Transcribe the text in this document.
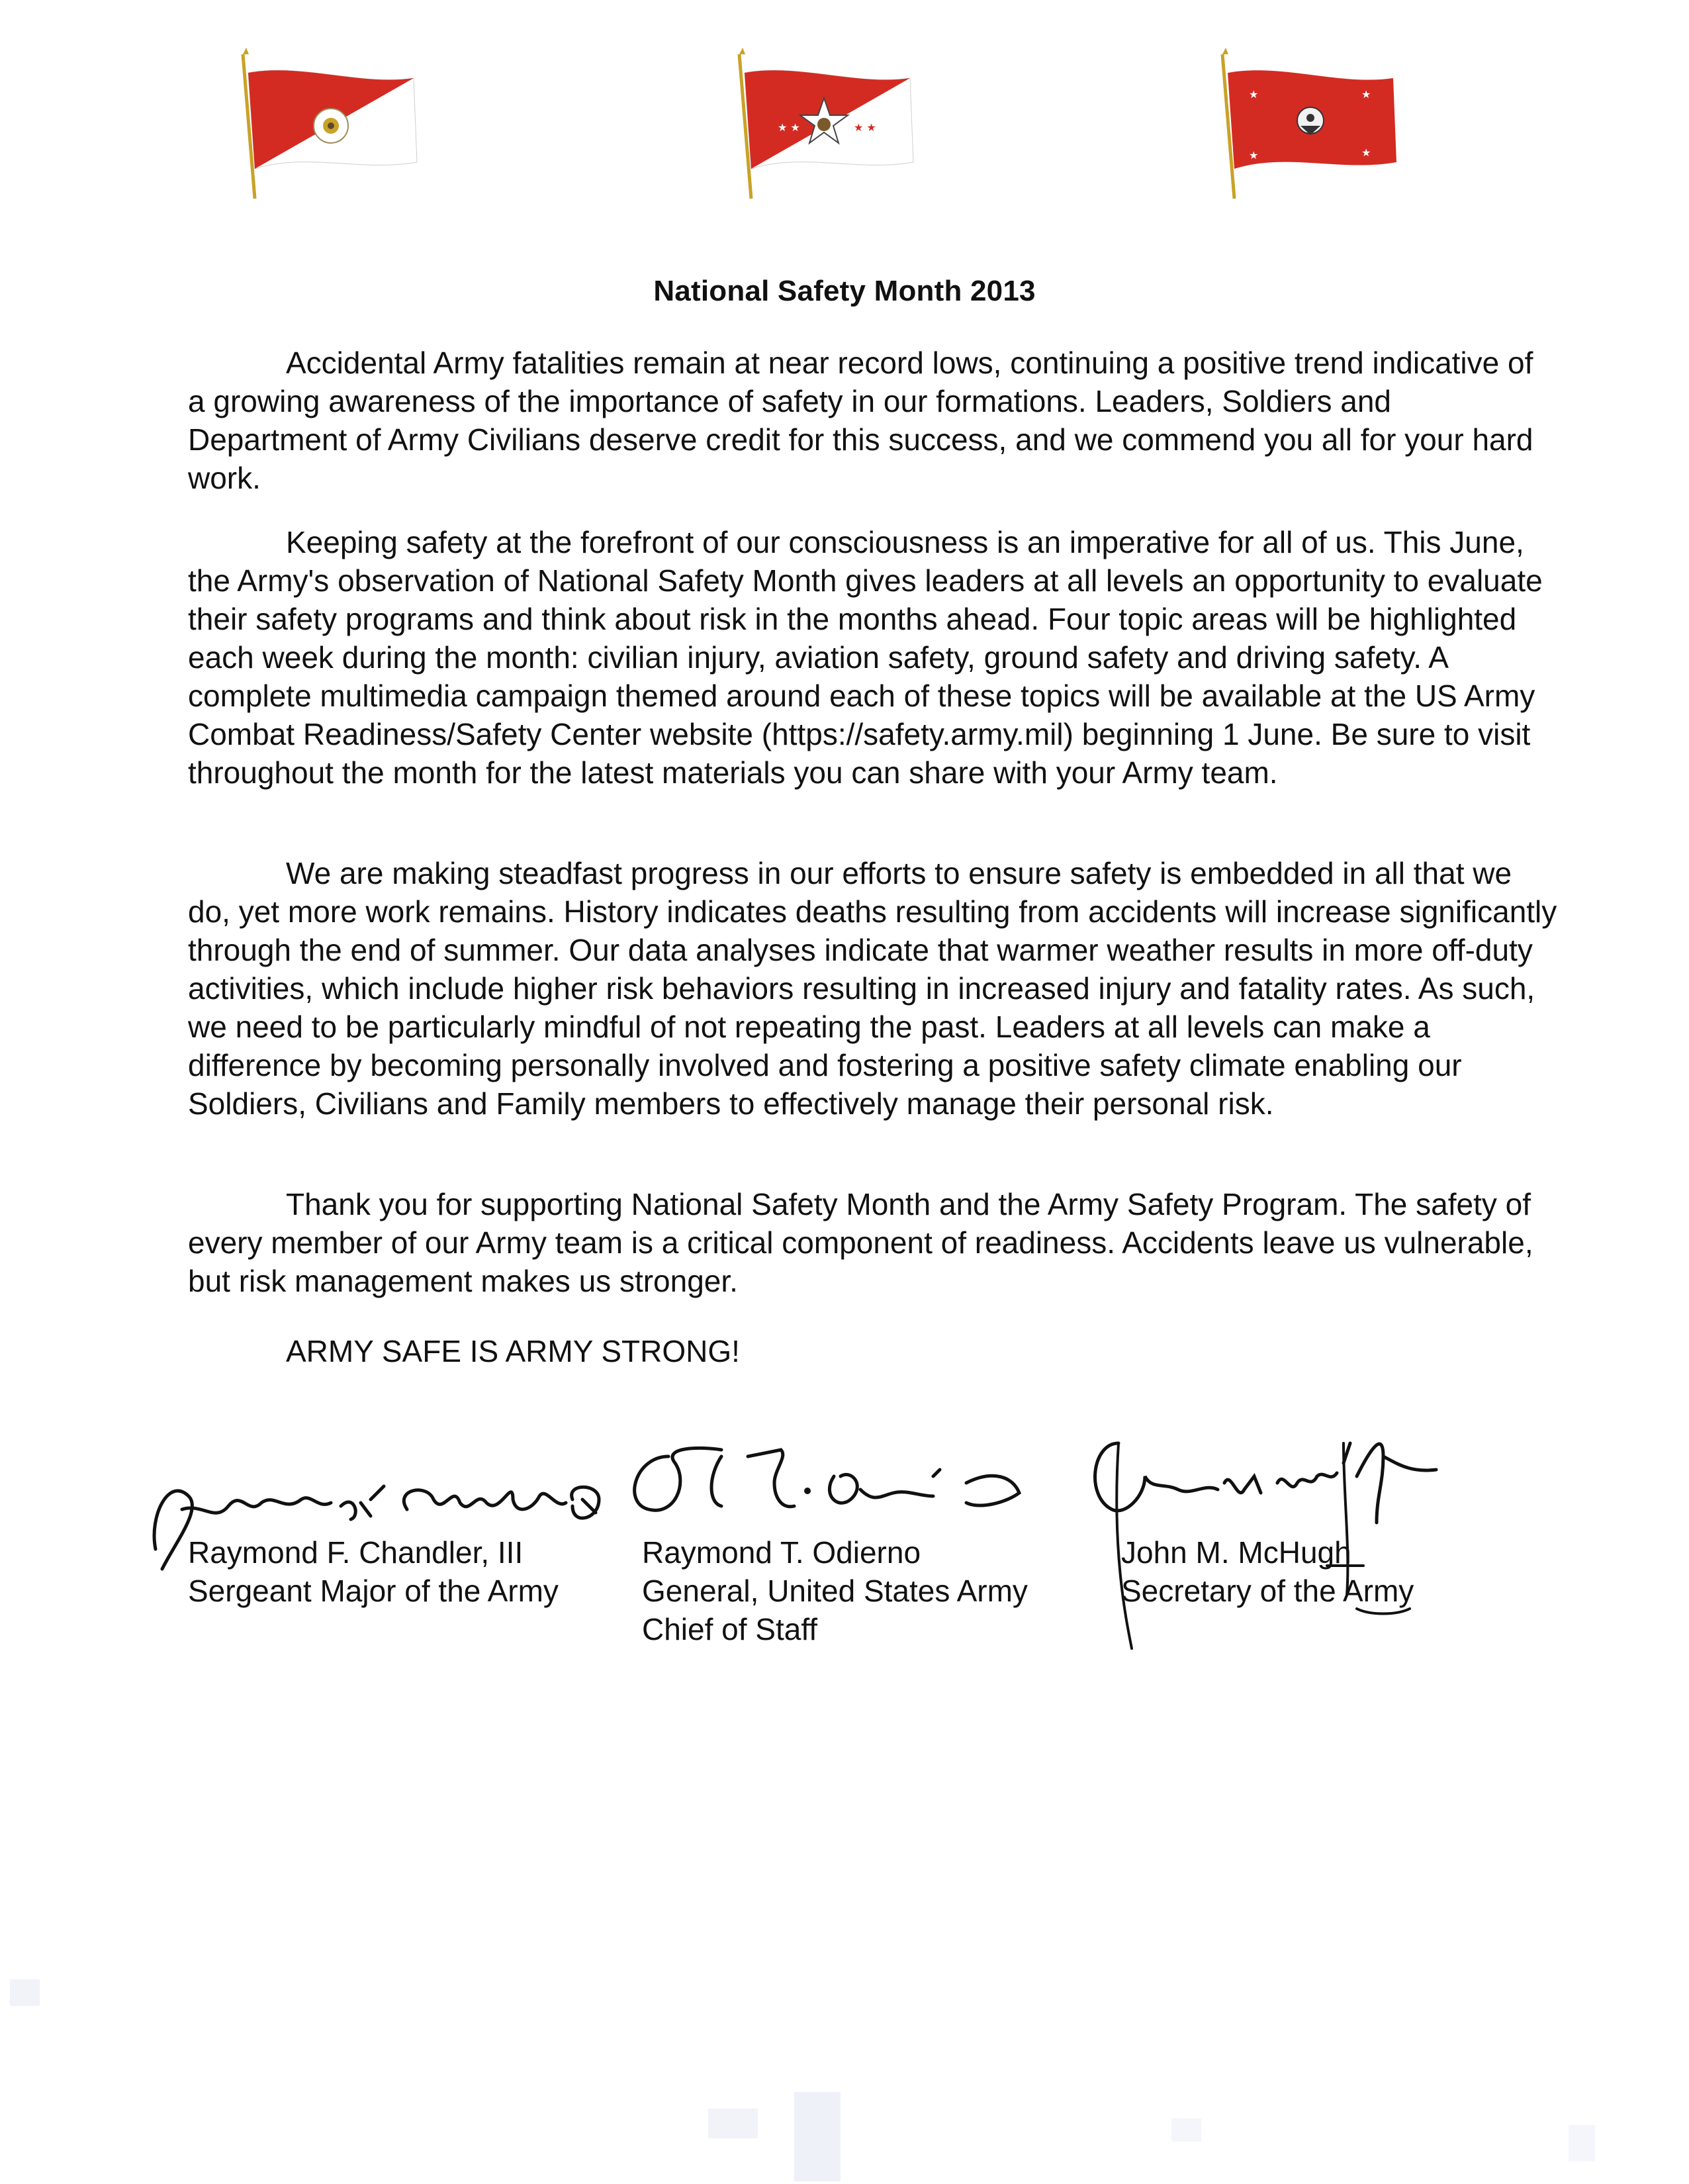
★ ★	★ ★
★	★
★	★
National Safety Month 2013

Accidental Army fatalities remain at near record lows, continuing a positive trend indicative of a growing awareness of the importance of safety in our formations. Leaders, Soldiers and Department of Army Civilians deserve credit for this success, and we commend you all for your hard work.

Keeping safety at the forefront of our consciousness is an imperative for all of us. This June, the Army's observation of National Safety Month gives leaders at all levels an opportunity to evaluate their safety programs and think about risk in the months ahead. Four topic areas will be highlighted each week during the month: civilian injury, aviation safety, ground safety and driving safety. A complete multimedia campaign themed around each of these topics will be available at the US Army Combat Readiness/Safety Center website (https://safety.army.mil) beginning 1 June. Be sure to visit throughout the month for the latest materials you can share with your Army team.

We are making steadfast progress in our efforts to ensure safety is embedded in all that we do, yet more work remains. History indicates deaths resulting from accidents will increase significantly through the end of summer. Our data analyses indicate that warmer weather results in more off-duty activities, which include higher risk behaviors resulting in increased injury and fatality rates. As such, we need to be particularly mindful of not repeating the past. Leaders at all levels can make a difference by becoming personally involved and fostering a positive safety climate enabling our Soldiers, Civilians and Family members to effectively manage their personal risk.

Thank you for supporting National Safety Month and the Army Safety Program. The safety of every member of our Army team is a critical component of readiness. Accidents leave us vulnerable, but risk management makes us stronger.

ARMY SAFE IS ARMY STRONG!

Raymond F. Chandler, III
Sergeant Major of the Army
Raymond T. Odierno
General, United States Army
Chief of Staff
John M. McHugh
Secretary of the Army
